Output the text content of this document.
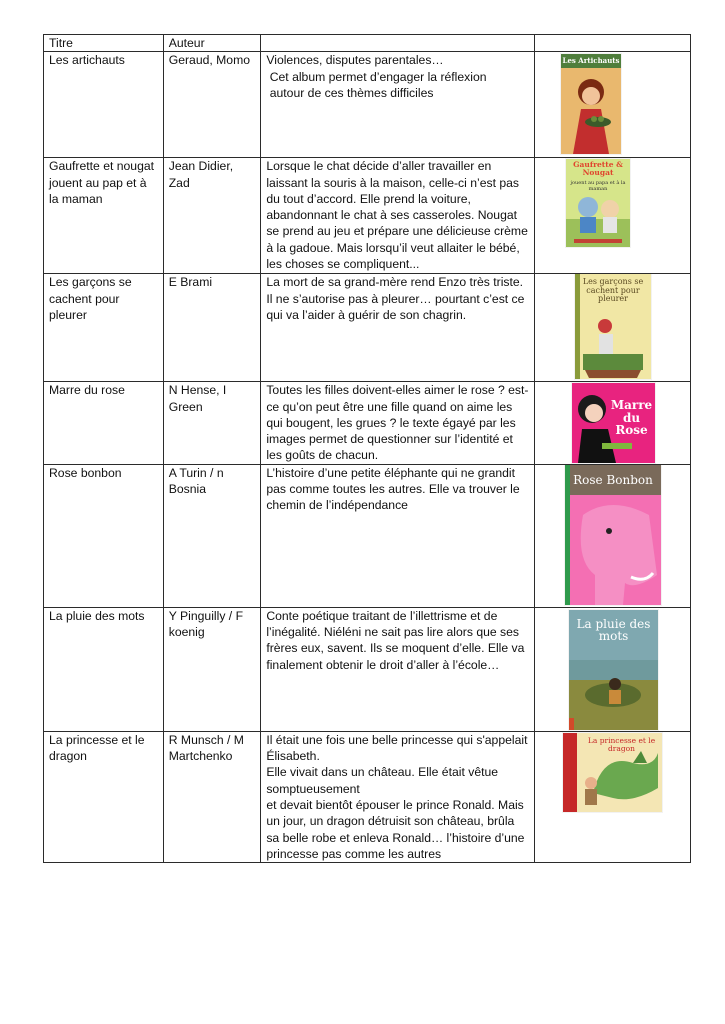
Titre	Auteur		
Les artichauts	Geraud, Momo	Violences, disputes parentales…
Cet album permet d’engager la réflexion
autour de ces thèmes difficiles	Les Artichauts

Gaufrette et nougat jouent au pap et à la maman	Jean Didier, Zad	Lorsque le chat décide d’aller travailler en laissant la souris à la maison, celle-ci n’est pas du tout d’accord. Elle prend la voiture, abandonnant le chat à ses casseroles. Nougat se prend au jeu et prépare une délicieuse crème à la gadoue. Mais lorsqu’il veut allaiter le bébé, les choses se compliquent...	Gaufrette & Nougat
jouent au papa et à la maman

Les garçons se cachent pour pleurer	E Brami	La mort de sa grand-mère rend Enzo très triste. Il ne s’autorise pas à pleurer… pourtant c’est ce qui va l’aider à guérir de son chagrin.	Les garçons se cachent pour pleurer

Marre du rose	N Hense, I Green	Toutes les filles doivent-elles aimer le rose ? est-ce qu’on peut être une fille quand on aime les qui bougent, les grues ? le texte égayé par les images permet de questionner sur l’identité et les goûts de chacun.	Marre du Rose

Rose bonbon	A Turin / n Bosnia	L’histoire d’une petite éléphante qui ne grandit pas comme toutes les autres. Elle va trouver le chemin de l’indépendance	Rose Bonbon

La pluie des mots	Y Pinguilly / F koenig	Conte poétique traitant de l’illettrisme et de l’inégalité. Niéléni ne sait pas lire alors que ses frères eux, savent. Ils se moquent d’elle. Elle va finalement obtenir le droit d’aller à l’école…	La pluie des mots

La princesse et le dragon	R Munsch / M Martchenko	Il était une fois une belle princesse qui s'appelait Élisabeth.
Elle vivait dans un château. Elle était vêtue somptueusement
et devait bientôt épouser le prince Ronald. Mais un jour, un dragon détruisit son château, brûla sa belle robe et enleva Ronald… l’histoire d’une princesse pas comme les autres	La princesse et le dragon
